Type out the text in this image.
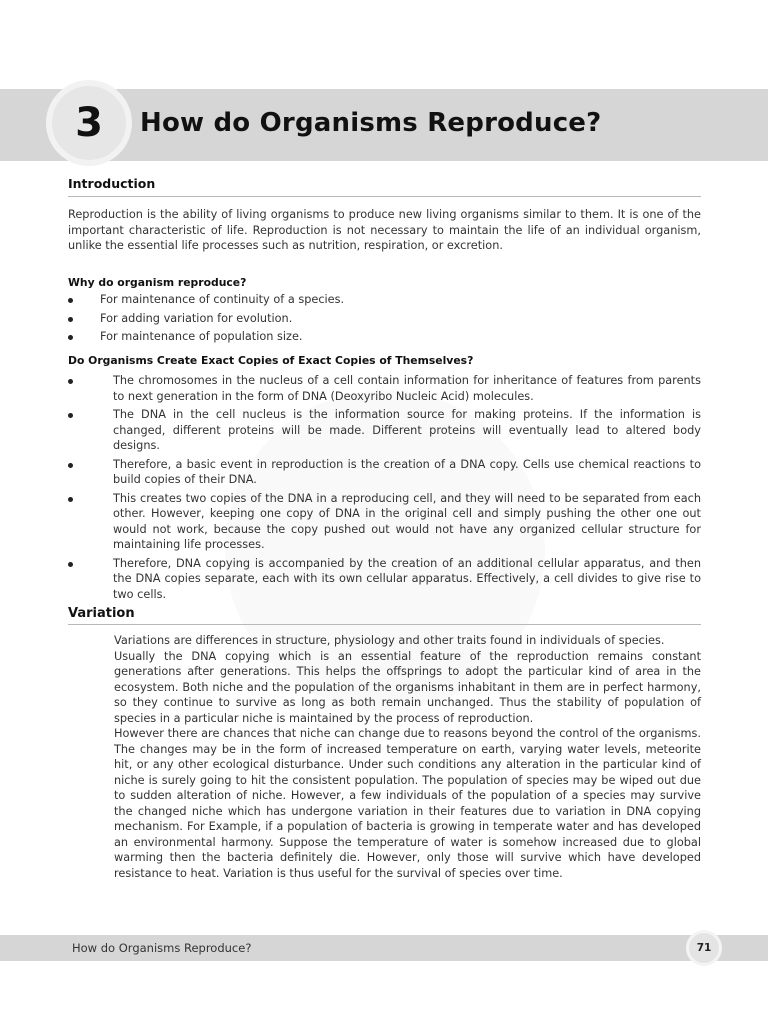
3 How do Organisms Reproduce?
Introduction

Reproduction is the ability of living organisms to produce new living organisms similar to them. It is one of the important characteristic of life. Reproduction is not necessary to maintain the life of an individual organism, unlike the essential life processes such as nutrition, respiration, or excretion.

Why do organism reproduce?
For maintenance of continuity of a species.
For adding variation for evolution.
For maintenance of population size.
Do Organisms Create Exact Copies of Exact Copies of Themselves?
The chromosomes in the nucleus of a cell contain information for inheritance of features from parents to next generation in the form of DNA (Deoxyribo Nucleic Acid) molecules.
The DNA in the cell nucleus is the information source for making proteins. If the information is changed, different proteins will be made. Different proteins will eventually lead to altered body designs.
Therefore, a basic event in reproduction is the creation of a DNA copy. Cells use chemical reactions to build copies of their DNA.
This creates two copies of the DNA in a reproducing cell, and they will need to be separated from each other. However, keeping one copy of DNA in the original cell and simply pushing the other one out would not work, because the copy pushed out would not have any organized cellular structure for maintaining life processes.
Therefore, DNA copying is accompanied by the creation of an additional cellular apparatus, and then the DNA copies separate, each with its own cellular apparatus. Effectively, a cell divides to give rise to two cells.
Variation

Variations are differences in structure, physiology and other traits found in individuals of species.

Usually the DNA copying which is an essential feature of the reproduction remains constant generations after generations. This helps the offsprings to adopt the particular kind of area in the ecosystem. Both niche and the population of the organisms inhabitant in them are in perfect harmony, so they continue to survive as long as both remain unchanged. Thus the stability of population of species in a particular niche is maintained by the process of reproduction.

However there are chances that niche can change due to reasons beyond the control of the organisms. The changes may be in the form of increased temperature on earth, varying water levels, meteorite hit, or any other ecological disturbance. Under such conditions any alteration in the particular kind of niche is surely going to hit the consistent population. The population of species may be wiped out due to sudden alteration of niche. However, a few individuals of the population of a species may survive the changed niche which has undergone variation in their features due to variation in DNA copying mechanism. For Example, if a population of bacteria is growing in temperate water and has developed an environmental harmony. Suppose the temperature of water is somehow increased due to global warming then the bacteria definitely die. However, only those will survive which have developed resistance to heat. Variation is thus useful for the survival of species over time.

How do Organisms Reproduce?	71
